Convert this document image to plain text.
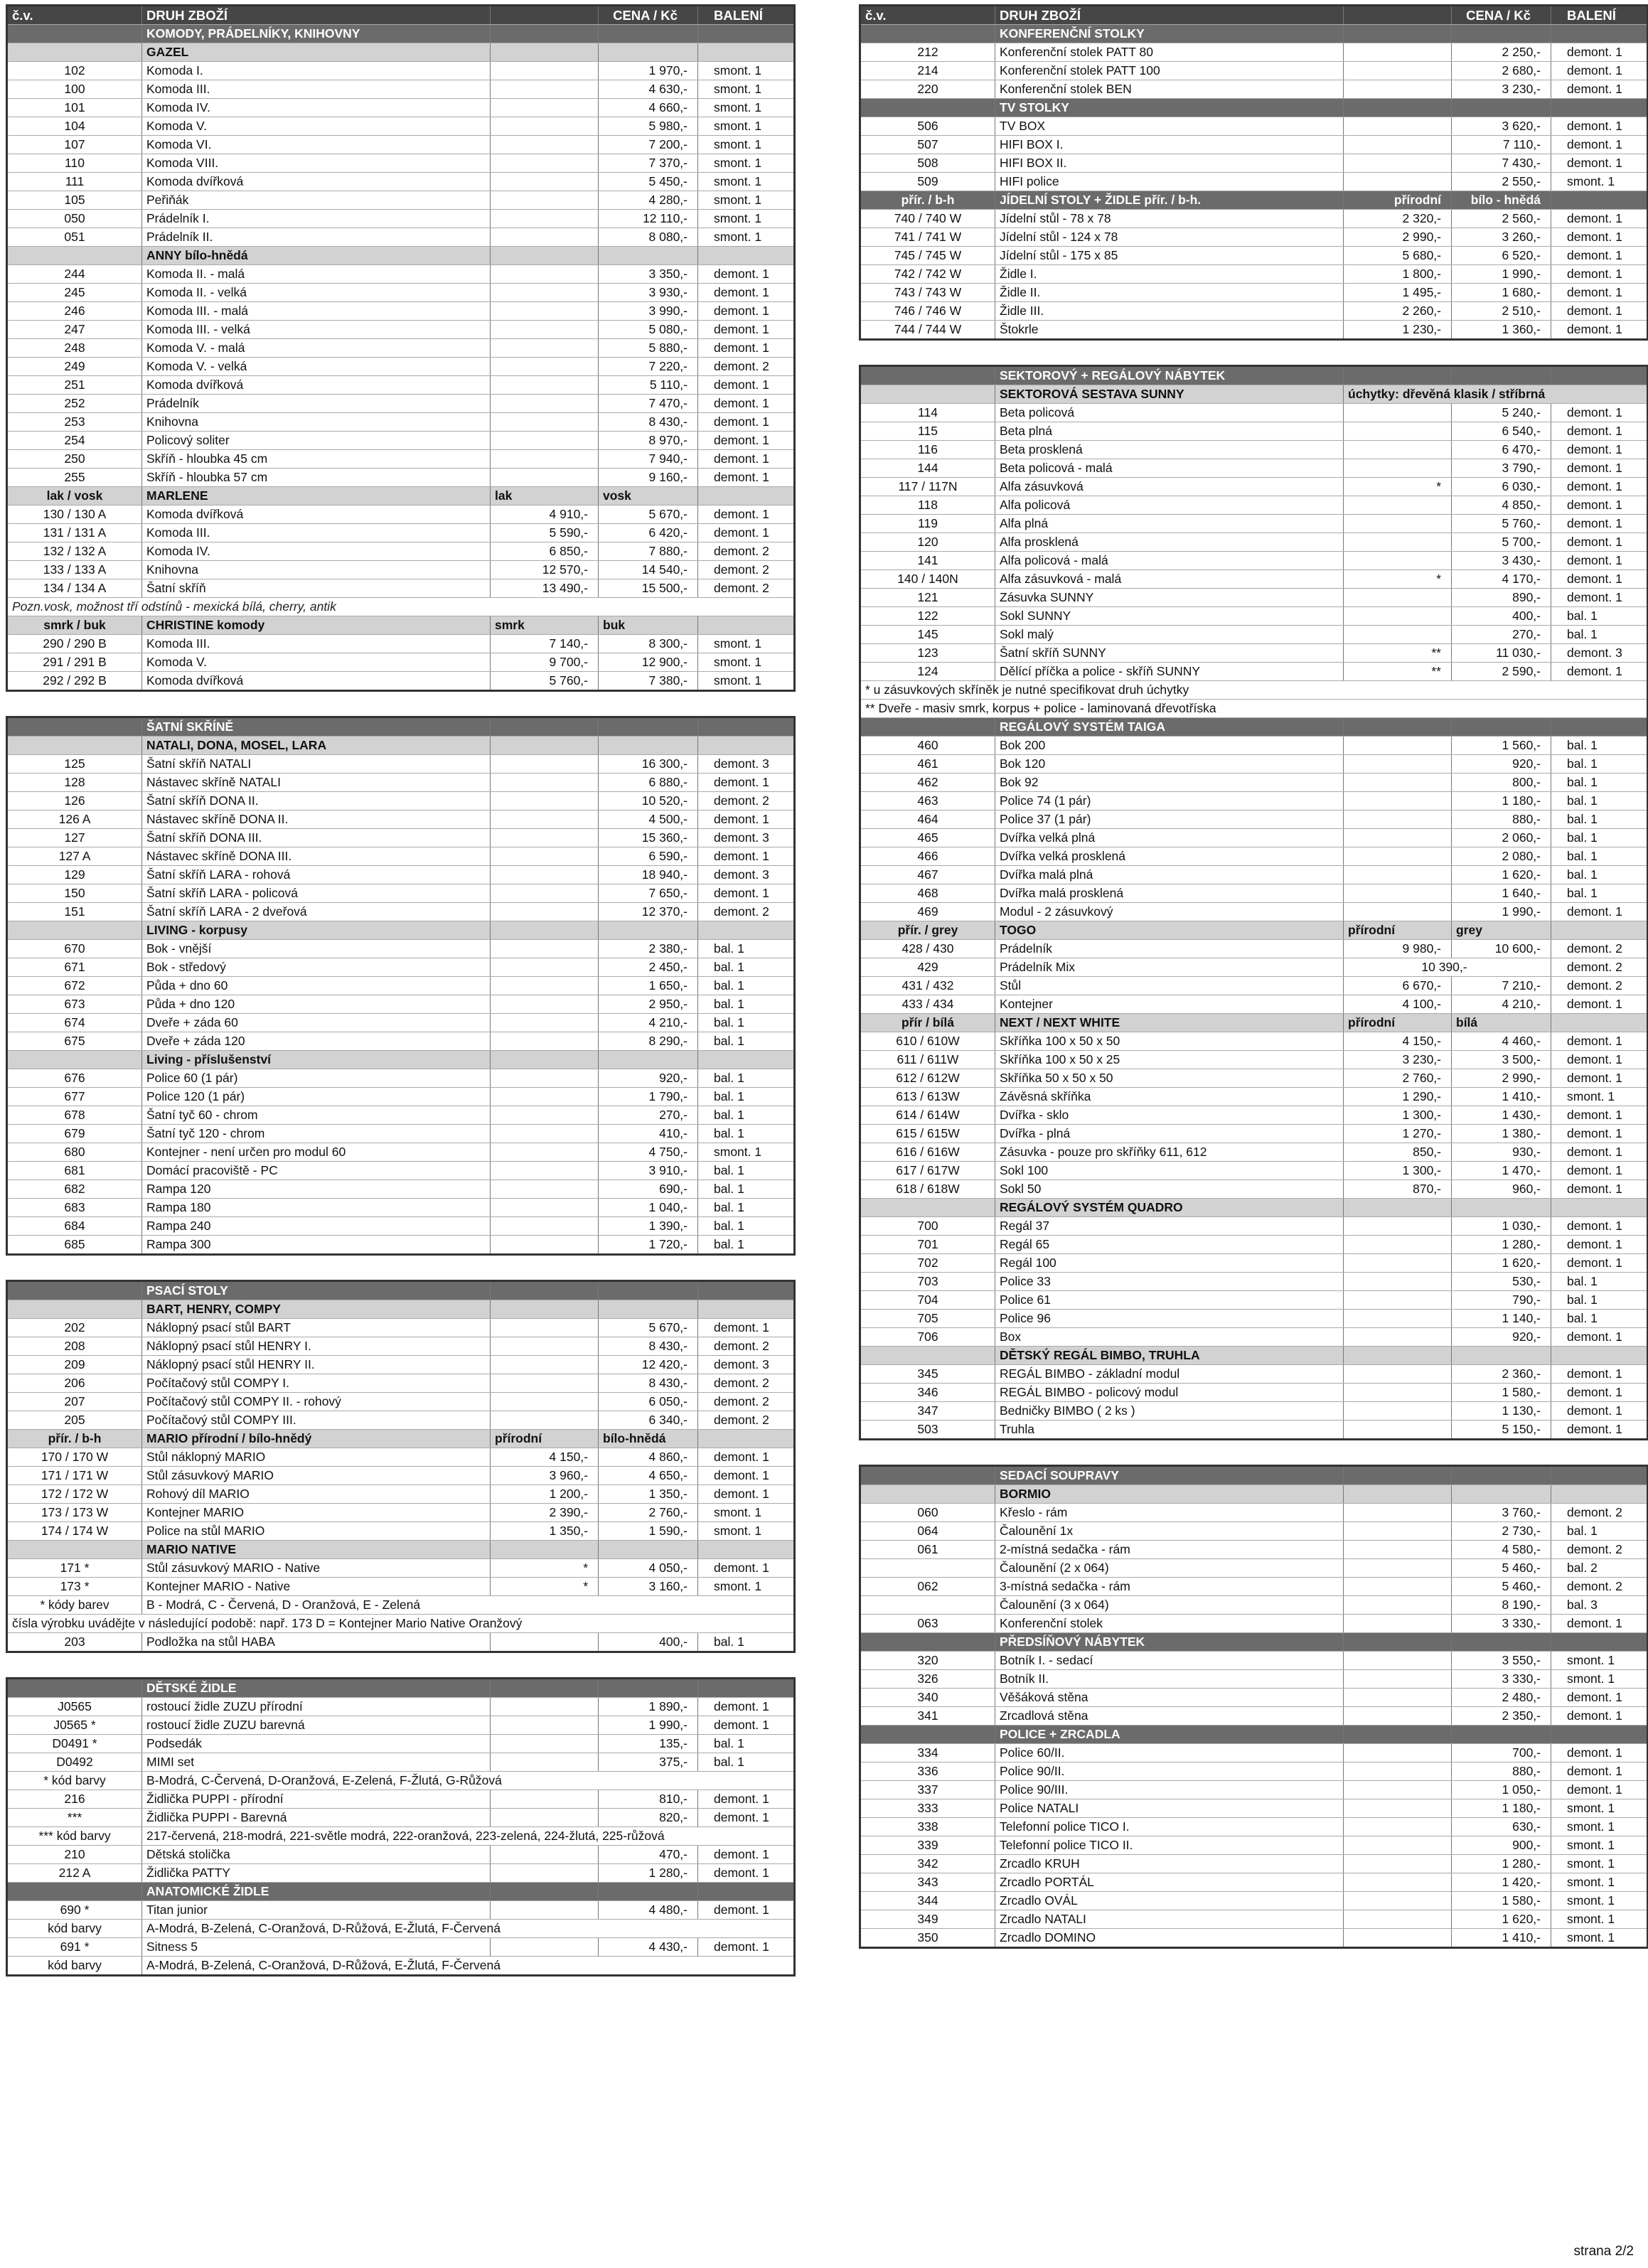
č.v.	DRUH ZBOŽÍ		CENA / Kč	BALENÍ
	KOMODY, PRÁDELNÍKY, KNIHOVNY			
	GAZEL			
102	Komoda I.		1 970,-	smont. 1
100	Komoda III.		4 630,-	smont. 1
101	Komoda IV.		4 660,-	smont. 1
104	Komoda V.		5 980,-	smont. 1
107	Komoda VI.		7 200,-	smont. 1
110	Komoda VIII.		7 370,-	smont. 1
111	Komoda dvířková		5 450,-	smont. 1
105	Peřiňák		4 280,-	smont. 1
050	Prádelník I.		12 110,-	smont. 1
051	Prádelník II.		8 080,-	smont. 1
	ANNY bílo-hnědá			
244	Komoda II. - malá		3 350,-	demont. 1
245	Komoda II. - velká		3 930,-	demont. 1
246	Komoda III. - malá		3 990,-	demont. 1
247	Komoda III. - velká		5 080,-	demont. 1
248	Komoda V. - malá		5 880,-	demont. 1
249	Komoda V. - velká		7 220,-	demont. 2
251	Komoda dvířková		5 110,-	demont. 1
252	Prádelník		7 470,-	demont. 1
253	Knihovna		8 430,-	demont. 1
254	Policový soliter		8 970,-	demont. 1
250	Skříň - hloubka 45 cm		7 940,-	demont. 1
255	Skříň - hloubka 57 cm		9 160,-	demont. 1
lak / vosk	MARLENE	lak	vosk	
130 / 130 A	Komoda dvířková	4 910,-	5 670,-	demont. 1
131 / 131 A	Komoda III.	5 590,-	6 420,-	demont. 1
132 / 132 A	Komoda IV.	6 850,-	7 880,-	demont. 2
133 / 133 A	Knihovna	12 570,-	14 540,-	demont. 2
134 / 134 A	Šatní skříň	13 490,-	15 500,-	demont. 2
Pozn.vosk, možnost tří odstínů - mexická bílá, cherry, antik				
smrk / buk	CHRISTINE komody	smrk	buk	
290 / 290 B	Komoda III.	7 140,-	8 300,-	smont. 1
291 / 291 B	Komoda V.	9 700,-	12 900,-	smont. 1
292 / 292 B	Komoda dvířková	5 760,-	7 380,-	smont. 1
	ŠATNÍ SKŘÍNĚ			
	NATALI, DONA, MOSEL, LARA			
125	Šatní skříň NATALI		16 300,-	demont. 3
128	Nástavec skříně NATALI		6 880,-	demont. 1
126	Šatní skříň DONA II.		10 520,-	demont. 2
126 A	Nástavec skříně DONA II.		4 500,-	demont. 1
127	Šatní skříň DONA III.		15 360,-	demont. 3
127 A	Nástavec skříně DONA III.		6 590,-	demont. 1
129	Šatní skříň LARA - rohová		18 940,-	demont. 3
150	Šatní skříň LARA - policová		7 650,-	demont. 1
151	Šatní skříň LARA - 2 dveřová		12 370,-	demont. 2
	LIVING - korpusy			
670	Bok - vnější		2 380,-	bal. 1
671	Bok - středový		2 450,-	bal. 1
672	Půda + dno 60		1 650,-	bal. 1
673	Půda + dno 120		2 950,-	bal. 1
674	Dveře + záda 60		4 210,-	bal. 1
675	Dveře + záda 120		8 290,-	bal. 1
	Living - příslušenství			
676	Police 60 (1 pár)		920,-	bal. 1
677	Police 120 (1 pár)		1 790,-	bal. 1
678	Šatní tyč 60 - chrom		270,-	bal. 1
679	Šatní tyč 120 - chrom		410,-	bal. 1
680	Kontejner - není určen pro modul 60		4 750,-	smont. 1
681	Domácí pracoviště - PC		3 910,-	bal. 1
682	Rampa 120		690,-	bal. 1
683	Rampa 180		1 040,-	bal. 1
684	Rampa 240		1 390,-	bal. 1
685	Rampa 300		1 720,-	bal. 1
	PSACÍ STOLY			
	BART, HENRY, COMPY			
202	Náklopný psací stůl BART		5 670,-	demont. 1
208	Náklopný psací stůl HENRY I.		8 430,-	demont. 2
209	Náklopný psací stůl HENRY II.		12 420,-	demont. 3
206	Počítačový stůl COMPY I.		8 430,-	demont. 2
207	Počítačový stůl COMPY II. - rohový		6 050,-	demont. 2
205	Počítačový stůl COMPY III.		6 340,-	demont. 2
přír. / b-h	MARIO přírodní / bílo-hnědý	přírodní	bílo-hnědá	
170 / 170 W	Stůl náklopný MARIO	4 150,-	4 860,-	demont. 1
171 / 171 W	Stůl zásuvkový MARIO	3 960,-	4 650,-	demont. 1
172 / 172 W	Rohový díl MARIO	1 200,-	1 350,-	demont. 1
173 / 173 W	Kontejner MARIO	2 390,-	2 760,-	smont. 1
174 / 174 W	Police na stůl MARIO	1 350,-	1 590,-	smont. 1
	MARIO NATIVE			
171 *	Stůl zásuvkový MARIO - Native	*	4 050,-	demont. 1
173 *	Kontejner MARIO - Native	*	3 160,-	smont. 1
* kódy barev	B - Modrá, C - Červená, D - Oranžová, E - Zelená			
čísla výrobku uvádějte v následující podobě: např. 173 D = Kontejner Mario Native Oranžový				
203	Podložka na stůl HABA		400,-	bal. 1
	DĚTSKÉ ŽIDLE			
J0565	rostoucí židle ZUZU přírodní		1 890,-	demont. 1
J0565 *	rostoucí židle ZUZU barevná		1 990,-	demont. 1
D0491 *	Podsedák		135,-	bal. 1
D0492	MIMI set		375,-	bal. 1
* kód barvy	B-Modrá, C-Červená, D-Oranžová, E-Zelená, F-Žlutá, G-Růžová			
216	Židlička PUPPI - přírodní		810,-	demont. 1
***	Židlička PUPPI - Barevná		820,-	demont. 1
*** kód barvy	217-červená, 218-modrá, 221-světle modrá, 222-oranžová, 223-zelená, 224-žlutá, 225-růžová			
210	Dětská stolička		470,-	demont. 1
212 A	Židlička PATTY		1 280,-	demont. 1
	ANATOMICKÉ ŽIDLE			
690 *	Titan junior		4 480,-	demont. 1
kód barvy	A-Modrá, B-Zelená, C-Oranžová, D-Růžová, E-Žlutá, F-Červená			
691 *	Sitness 5		4 430,-	demont. 1
kód barvy	A-Modrá, B-Zelená, C-Oranžová, D-Růžová, E-Žlutá, F-Červená			
č.v.	DRUH ZBOŽÍ		CENA / Kč	BALENÍ
	KONFERENČNÍ STOLKY			
212	Konferenční stolek PATT 80		2 250,-	demont. 1
214	Konferenční stolek PATT 100		2 680,-	demont. 1
220	Konferenční stolek BEN		3 230,-	demont. 1
	TV STOLKY			
506	TV BOX		3 620,-	demont. 1
507	HIFI BOX I.		7 110,-	demont. 1
508	HIFI BOX II.		7 430,-	demont. 1
509	HIFI police		2 550,-	smont. 1
přír. / b-h	JÍDELNÍ STOLY + ŽIDLE přír. / b-h.	přírodní	bílo - hnědá	
740 / 740 W	Jídelní stůl - 78 x 78	2 320,-	2 560,-	demont. 1
741 / 741 W	Jídelní stůl - 124 x 78	2 990,-	3 260,-	demont. 1
745 / 745 W	Jídelní stůl - 175 x 85	5 680,-	6 520,-	demont. 1
742 / 742 W	Židle I.	1 800,-	1 990,-	demont. 1
743 / 743 W	Židle II.	1 495,-	1 680,-	demont. 1
746 / 746 W	Židle III.	2 260,-	2 510,-	demont. 1
744 / 744 W	Štokrle	1 230,-	1 360,-	demont. 1
	SEKTOROVÝ + REGÁLOVÝ NÁBYTEK			
	SEKTOROVÁ SESTAVA SUNNY	úchytky: dřevěná klasik / stříbrná		
114	Beta policová		5 240,-	demont. 1
115	Beta plná		6 540,-	demont. 1
116	Beta prosklená		6 470,-	demont. 1
144	Beta policová - malá		3 790,-	demont. 1
117 / 117N	Alfa zásuvková	*	6 030,-	demont. 1
118	Alfa policová		4 850,-	demont. 1
119	Alfa plná		5 760,-	demont. 1
120	Alfa prosklená		5 700,-	demont. 1
141	Alfa policová - malá		3 430,-	demont. 1
140 / 140N	Alfa zásuvková - malá	*	4 170,-	demont. 1
121	Zásuvka SUNNY		890,-	demont. 1
122	Sokl SUNNY		400,-	bal. 1
145	Sokl malý		270,-	bal. 1
123	Šatní skříň SUNNY	**	11 030,-	demont. 3
124	Dělící příčka a police - skříň SUNNY	**	2 590,-	demont. 1
* u zásuvkových skříněk je nutné specifikovat druh úchytky				
** Dveře - masiv smrk, korpus + police - laminovaná dřevotříska				
	REGÁLOVÝ SYSTÉM TAIGA			
460	Bok 200		1 560,-	bal. 1
461	Bok 120		920,-	bal. 1
462	Bok 92		800,-	bal. 1
463	Police 74 (1 pár)		1 180,-	bal. 1
464	Police 37 (1 pár)		880,-	bal. 1
465	Dvířka velká plná		2 060,-	bal. 1
466	Dvířka velká prosklená		2 080,-	bal. 1
467	Dvířka malá plná		1 620,-	bal. 1
468	Dvířka malá prosklená		1 640,-	bal. 1
469	Modul - 2 zásuvkový		1 990,-	demont. 1
přír. / grey	TOGO	přírodní	grey	
428 / 430	Prádelník	9 980,-	10 600,-	demont. 2
429	Prádelník Mix	10 390,-		demont. 2
431 / 432	Stůl	6 670,-	7 210,-	demont. 2
433 / 434	Kontejner	4 100,-	4 210,-	demont. 1
přír / bílá	NEXT / NEXT WHITE	přírodní	bílá	
610 / 610W	Skříňka 100 x 50 x 50	4 150,-	4 460,-	demont. 1
611 / 611W	Skříňka 100 x 50 x 25	3 230,-	3 500,-	demont. 1
612 / 612W	Skříňka 50 x 50 x 50	2 760,-	2 990,-	demont. 1
613 / 613W	Závěsná skříňka	1 290,-	1 410,-	smont. 1
614 / 614W	Dvířka - sklo	1 300,-	1 430,-	demont. 1
615 / 615W	Dvířka - plná	1 270,-	1 380,-	demont. 1
616 / 616W	Zásuvka - pouze pro skříňky 611, 612	850,-	930,-	demont. 1
617 / 617W	Sokl 100	1 300,-	1 470,-	demont. 1
618 / 618W	Sokl 50	870,-	960,-	demont. 1
	REGÁLOVÝ SYSTÉM QUADRO			
700	Regál 37		1 030,-	demont. 1
701	Regál 65		1 280,-	demont. 1
702	Regál 100		1 620,-	demont. 1
703	Police 33		530,-	bal. 1
704	Police 61		790,-	bal. 1
705	Police 96		1 140,-	bal. 1
706	Box		920,-	demont. 1
	DĚTSKÝ REGÁL BIMBO, TRUHLA			
345	REGÁL BIMBO - základní modul		2 360,-	demont. 1
346	REGÁL BIMBO - policový modul		1 580,-	demont. 1
347	Bedničky BIMBO ( 2 ks )		1 130,-	demont. 1
503	Truhla		5 150,-	demont. 1
	SEDACÍ SOUPRAVY			
	BORMIO			
060	Křeslo - rám		3 760,-	demont. 2
064	Čalounění 1x		2 730,-	bal. 1
061	2-místná sedačka - rám		4 580,-	demont. 2
	Čalounění (2 x 064)		5 460,-	bal. 2
062	3-místná sedačka - rám		5 460,-	demont. 2
	Čalounění (3 x 064)		8 190,-	bal. 3
063	Konferenční stolek		3 330,-	demont. 1
	PŘEDSÍŇOVÝ NÁBYTEK			
320	Botník I. - sedací		3 550,-	smont. 1
326	Botník II.		3 330,-	smont. 1
340	Věšáková stěna		2 480,-	demont. 1
341	Zrcadlová stěna		2 350,-	demont. 1
	POLICE + ZRCADLA			
334	Police 60/II.		700,-	demont. 1
336	Police 90/II.		880,-	demont. 1
337	Police 90/III.		1 050,-	demont. 1
333	Police NATALI		1 180,-	smont. 1
338	Telefonní police TICO I.		630,-	smont. 1
339	Telefonní police TICO II.		900,-	smont. 1
342	Zrcadlo KRUH		1 280,-	smont. 1
343	Zrcadlo PORTÁL		1 420,-	smont. 1
344	Zrcadlo OVÁL		1 580,-	smont. 1
349	Zrcadlo NATALI		1 620,-	smont. 1
350	Zrcadlo DOMINO		1 410,-	smont. 1
strana 2/2
